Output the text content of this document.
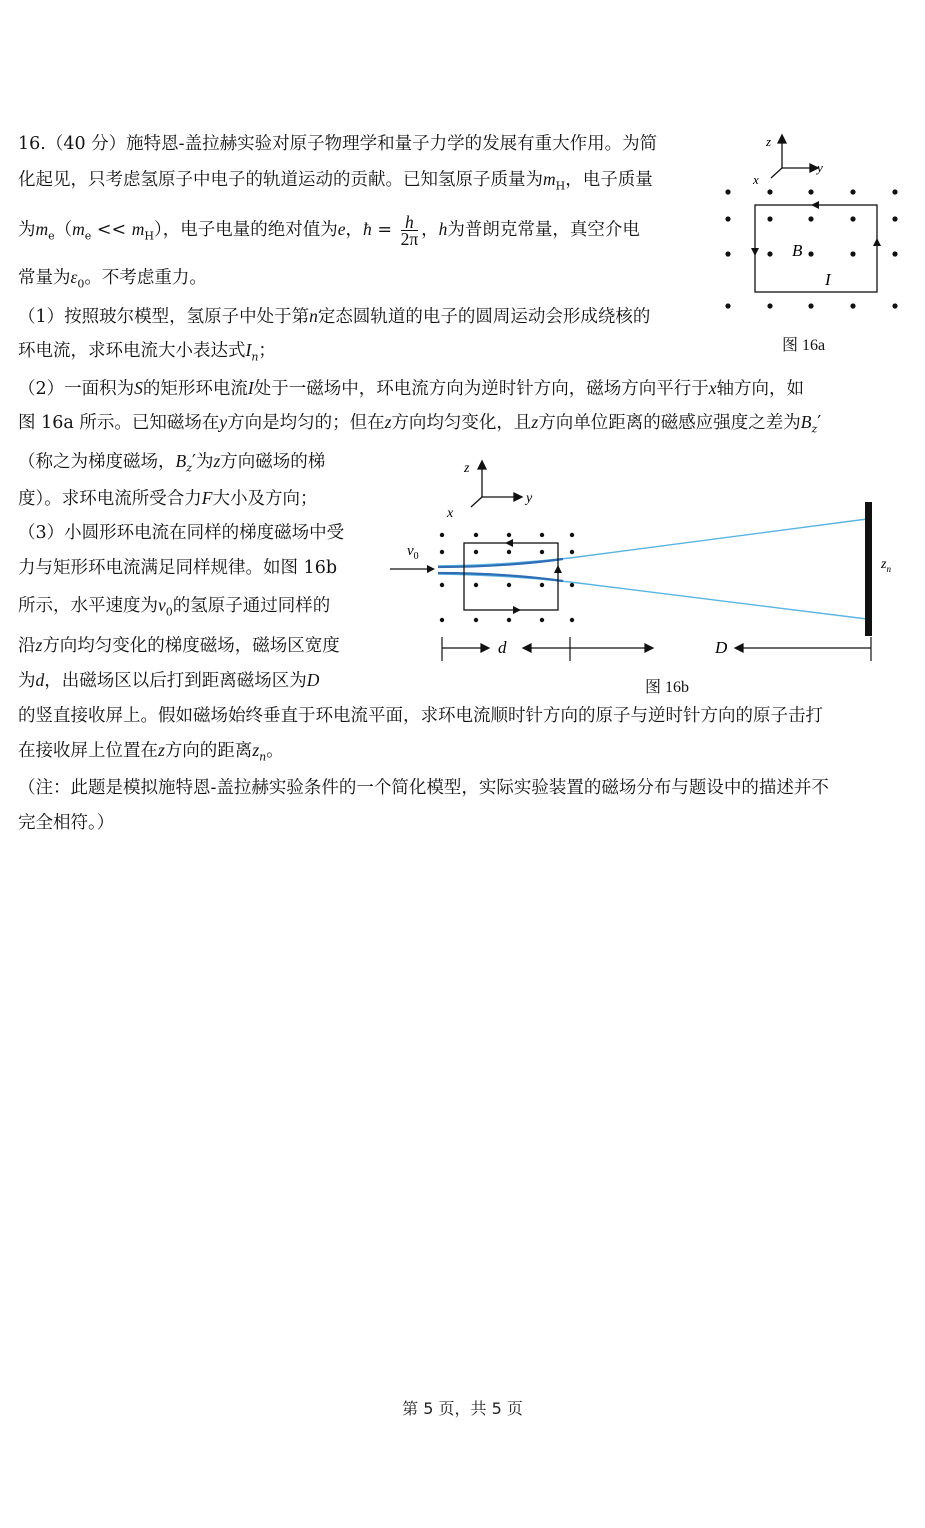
16.（40 分）施特恩-盖拉赫实验对原子物理学和量子力学的发展有重大作用。为简
化起见，只考虑氢原子中电子的轨道运动的贡献。已知氢原子质量为$m_H$，电子质量
为$m_e(m_e << m_H)$，电子电量的绝对值为e，ħ = $\frac{h}{2\pi}$ ，h为普朗克常量，真空介电
常量为$\varepsilon_0$。不考虑重力。
（1）按照玻尔模型，氢原子中处于第n定态圆轨道的电子的圆周运动会形成绕核的
环电流，求环电流大小表达式$I_n$；
（2）一面积为S的矩形环电流I处于一磁场中，环电流方向为逆时针方向，磁场方向平行于x轴方向，如
图 16a 所示。已知磁场在y方向是均匀的；但在z方向均匀变化，且z方向单位距离的磁感应强度之差为$B_z'$
（称之为梯度磁场，$B_z'$为z方向磁场的梯
度）。求环电流所受合力F大小及方向；
（3）小圆形环电流在同样的梯度磁场中受
力与矩形环电流满足同样规律。如图 16b
所示，水平速度为$v_0$的氢原子通过同样的
沿z方向均匀变化的梯度磁场，磁场区宽度
为d，出磁场区以后打到距离磁场区为D
的竖直接收屏上。假如磁场始终垂直于环电流平面，求环电流顺时针方向的原子与逆时针方向的原子击打
在接收屏上位置在z方向的距离$z_n$。
（注：此题是模拟施特恩-盖拉赫实验条件的一个简化模型，实际实验装置的磁场分布与题设中的描述并不
完全相符。）
z
y
x
B
I
图 16a
z
y
x
$v_0$
$z_n$
d	D
图 16b
第 5 页，共 5 页
